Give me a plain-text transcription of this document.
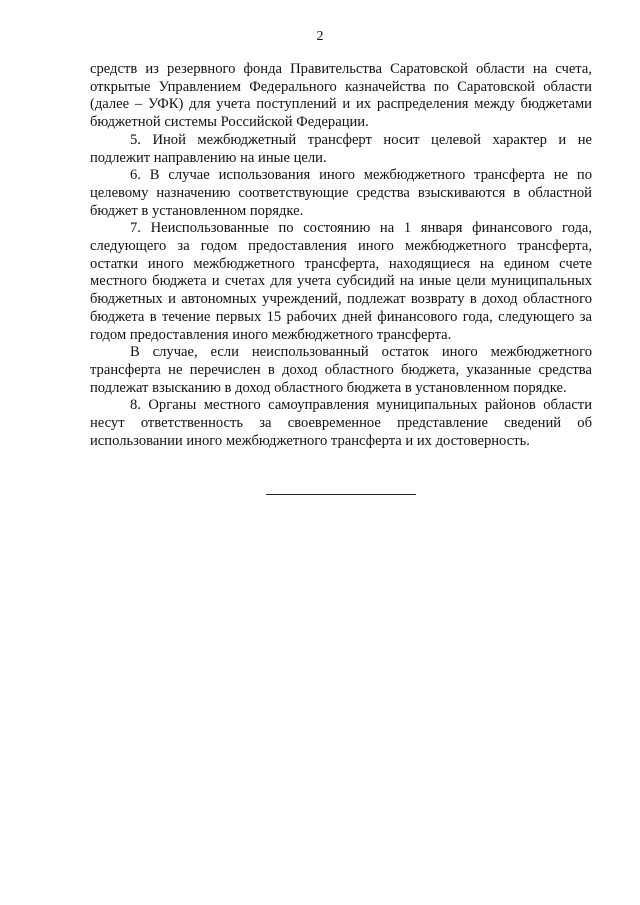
2

средств из резервного фонда Правительства Саратовской области на счета, открытые Управлением Федерального казначейства по Саратовской области (далее – УФК) для учета поступлений и их распределения между бюджетами бюджетной системы Российской Федерации.

5. Иной межбюджетный трансферт носит целевой характер и не подлежит направлению на иные цели.

6. В случае использования иного межбюджетного трансферта не по целевому назначению соответствующие средства взыскиваются в областной бюджет в установленном порядке.

7. Неиспользованные по состоянию на 1 января финансового года, следующего за годом предоставления иного межбюджетного трансферта, остатки иного межбюджетного трансферта, находящиеся на едином счете местного бюджета и счетах для учета субсидий на иные цели муниципальных бюджетных и автономных учреждений, подлежат возврату в доход областного бюджета в течение первых 15 рабочих дней финансового года, следующего за годом предоставления иного межбюджетного трансферта.

В случае, если неиспользованный остаток иного межбюджетного трансферта не перечислен в доход областного бюджета, указанные средства подлежат взысканию в доход областного бюджета в установленном порядке.

8. Органы местного самоуправления муниципальных районов области несут ответственность за своевременное представление сведений об использовании иного межбюджетного трансферта и их достоверность.
